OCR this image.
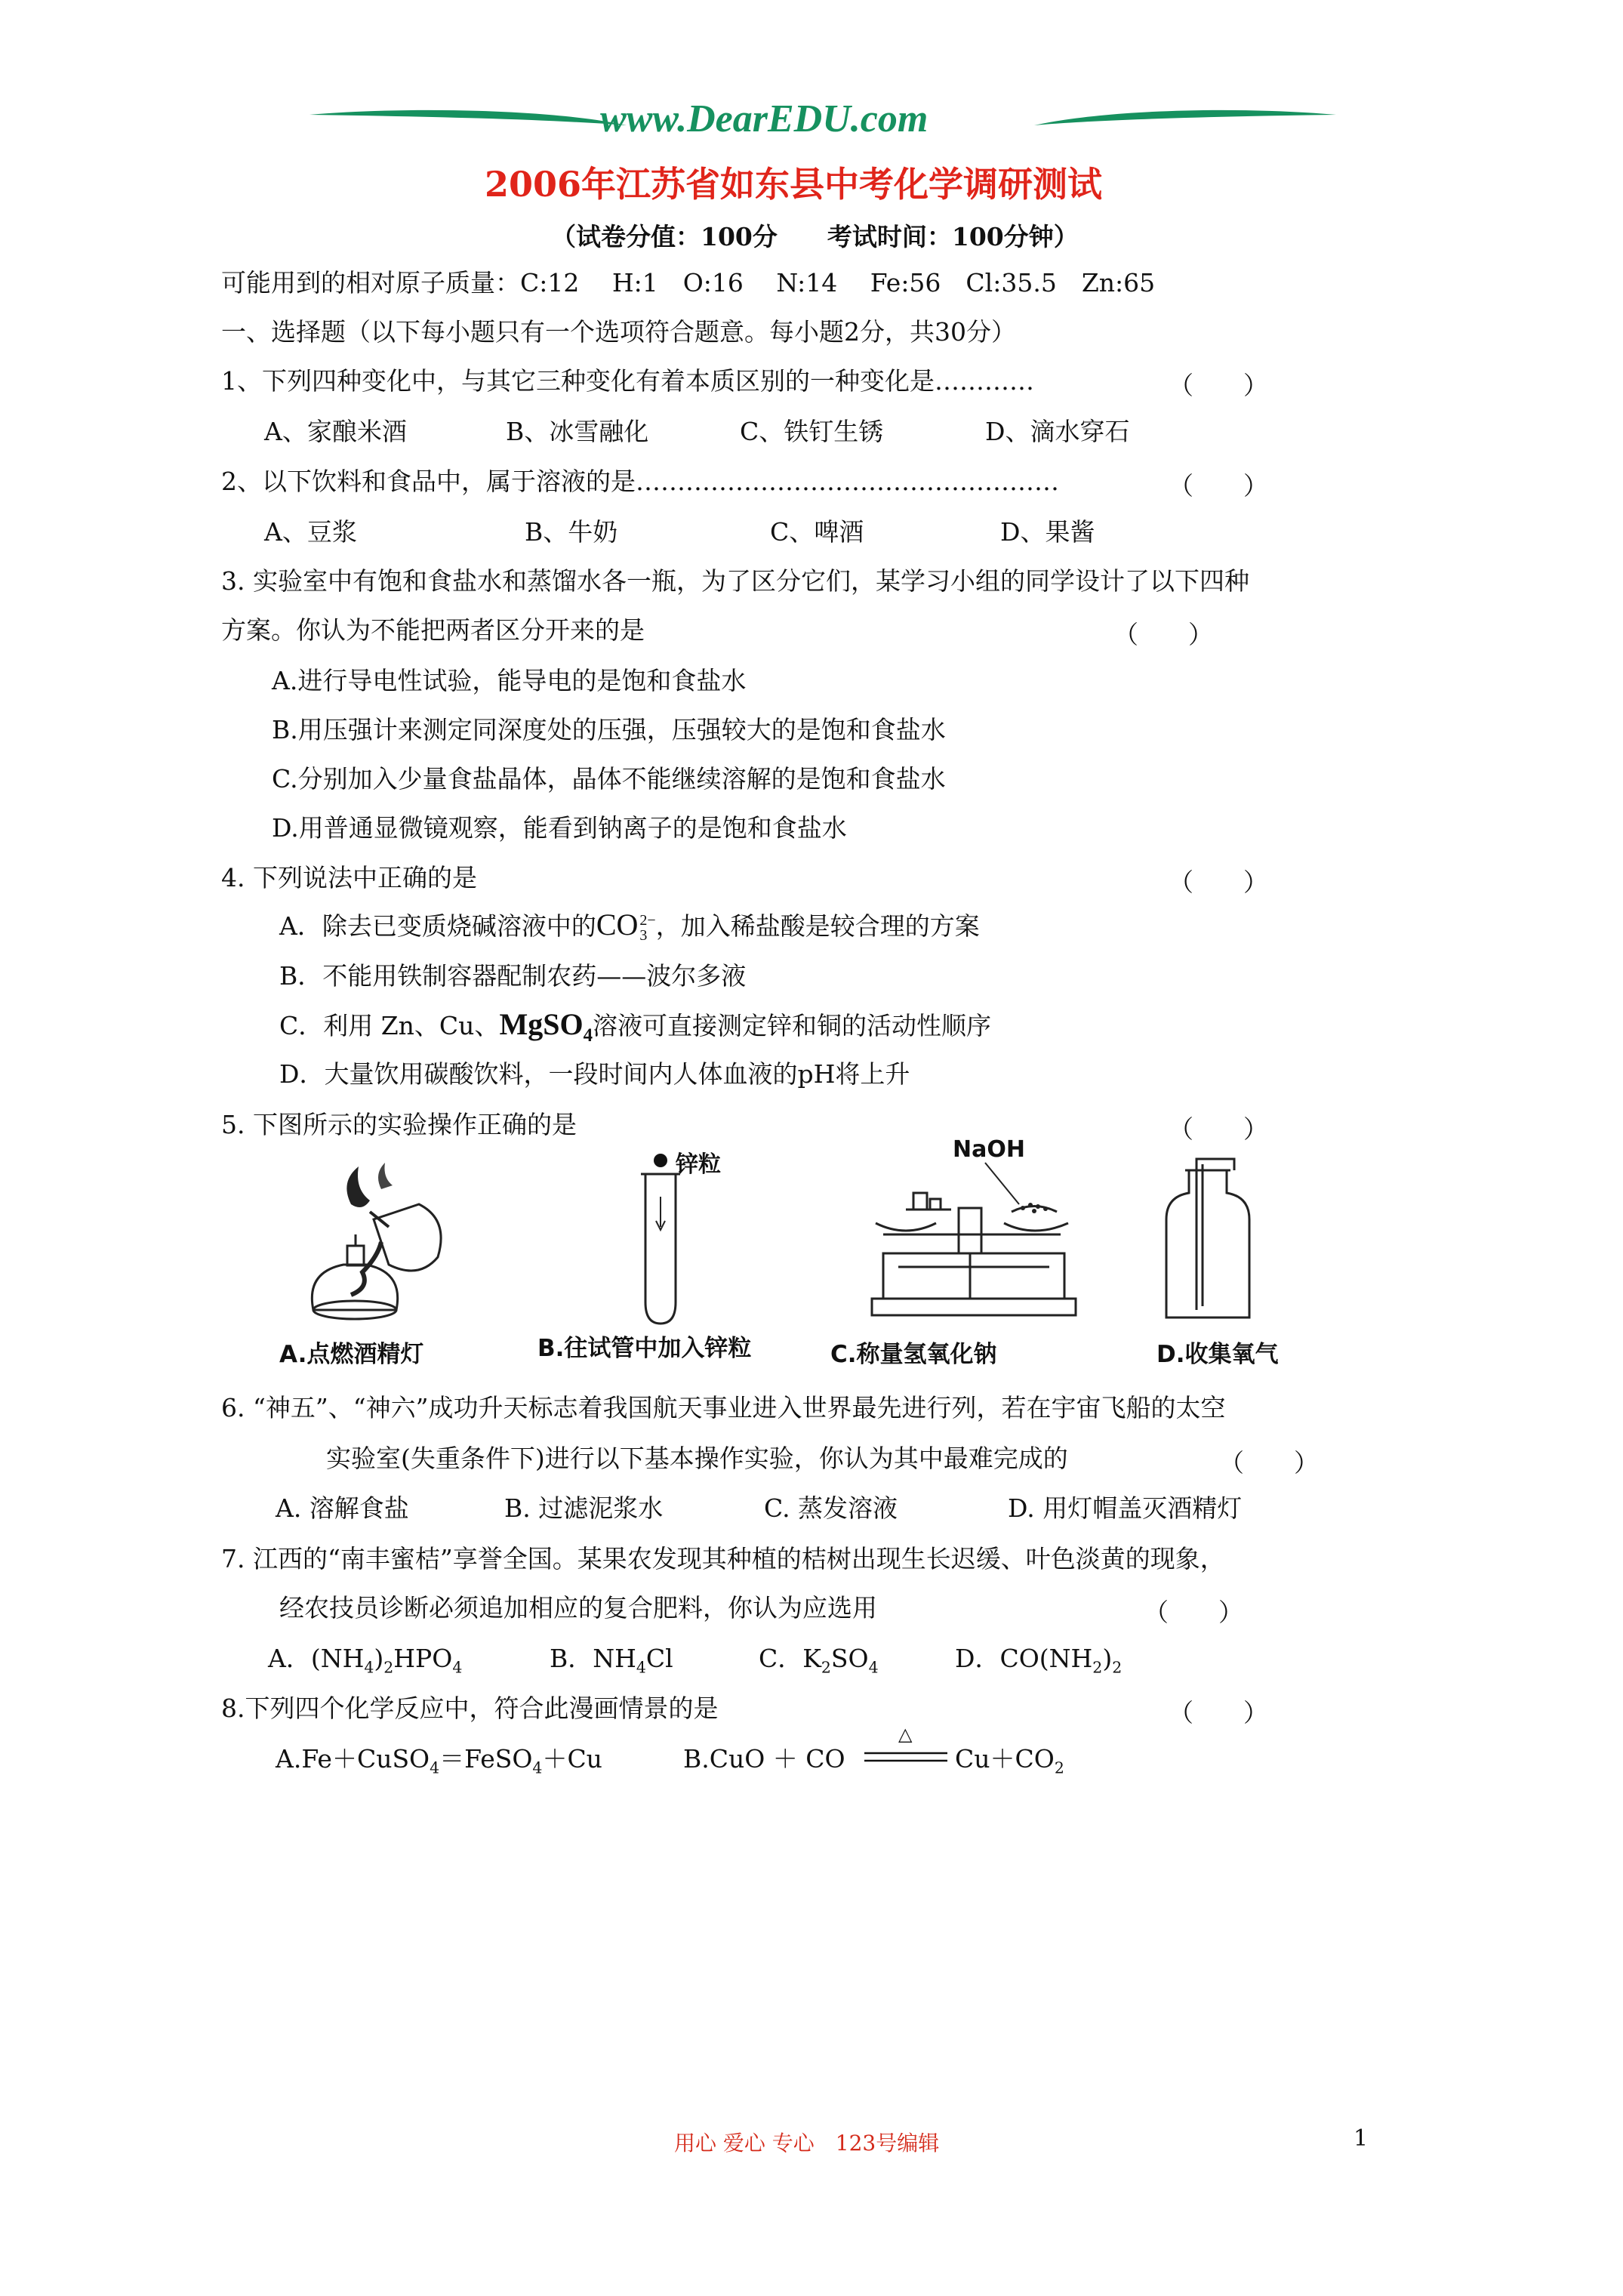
www.DearEDU.com
2006年江苏省如东县中考化学调研测试
（试卷分值：100分　　考试时间：100分钟）
可能用到的相对原子质量：C:12　 H:1　O:16　 N:14　 Fe:56　Cl:35.5　Zn:65
一、选择题（以下每小题只有一个选项符合题意。每小题2分，共30分）
1、下列四种变化中，与其它三种变化有着本质区别的一种变化是…………	（　　）
A、家酿米酒	B、冰雪融化	C、铁钉生锈	D、滴水穿石
2、以下饮料和食品中，属于溶液的是……………………………………………	（　　）
A、豆浆	B、牛奶	C、啤酒	D、果酱
3. 实验室中有饱和食盐水和蒸馏水各一瓶，为了区分它们，某学习小组的同学设计了以下四种
方案。你认为不能把两者区分开来的是	（　　）
A.进行导电性试验，能导电的是饱和食盐水
B.用压强计来测定同深度处的压强，压强较大的是饱和食盐水
C.分别加入少量食盐晶体，晶体不能继续溶解的是饱和食盐水
D.用普通显微镜观察，能看到钠离子的是饱和食盐水
4. 下列说法中正确的是	（　　）
A．除去已变质烧碱溶液中的CO 2−
3 ，加入稀盐酸是较合理的方案
B．不能用铁制容器配制农药——波尔多液
C．利用 Zn、Cu、MgSO$_4$溶液可直接测定锌和铜的活动性顺序
D．大量饮用碳酸饮料，一段时间内人体血液的pH将上升
5. 下图所示的实验操作正确的是	（　　）
锌粒
NaOH
A.点燃酒精灯	B.往试管中加入锌粒	C.称量氢氧化钠	D.收集氧气
6. “神五”、“神六”成功升天标志着我国航天事业进入世界最先进行列，若在宇宙飞船的太空
实验室(失重条件下)进行以下基本操作实验，你认为其中最难完成的	（　　）
A. 溶解食盐	B. 过滤泥浆水	C. 蒸发溶液	D. 用灯帽盖灭酒精灯
7. 江西的“南丰蜜桔”享誉全国。某果农发现其种植的桔树出现生长迟缓、叶色淡黄的现象，
经农技员诊断必须追加相应的复合肥料，你认为应选用	（　　）
A．$(NH_4)_2HPO_4$	B．$NH_4Cl$	C．$K_2SO_4$	D．$CO(NH_2)_2$
8.下列四个化学反应中，符合此漫画情景的是	（　　）
A.Fe＋CuSO$_4$＝FeSO$_4$＋Cu	B.CuO ＋ CO
△
$Cu+CO_2$
用心 爱心 专心　123号编辑	1
